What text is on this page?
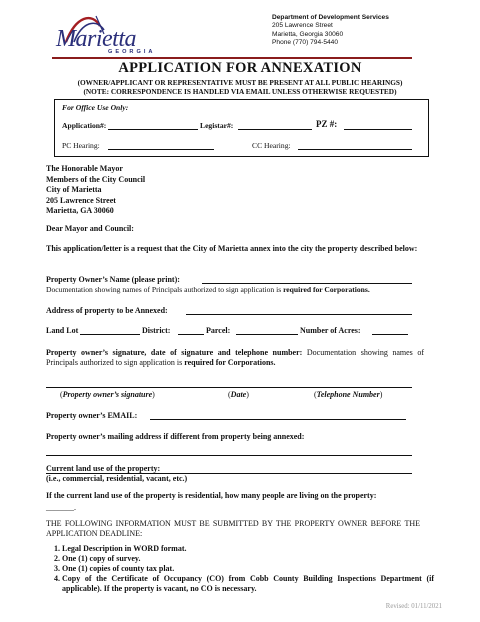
Marietta
GEORGIA
Department of Development Services
205 Lawrence Street
Marietta, Georgia 30060
Phone (770) 794-5440
APPLICATION FOR ANNEXATION
(OWNER/APPLICANT OR REPRESENTATIVE MUST BE PRESENT AT ALL PUBLIC HEARINGS)
(NOTE: CORRESPONDENCE IS HANDLED VIA EMAIL UNLESS OTHERWISE REQUESTED)
For Office Use Only:
Application#:	Legistar#:	PZ #:
PC Hearing:	CC Hearing:
The Honorable Mayor
Members of the City Council
City of Marietta
205 Lawrence Street
Marietta, GA 30060
Dear Mayor and Council:
This application/letter is a request that the City of Marietta annex into the city the property described below:
Property Owner’s Name (please print):
Documentation showing names of Principals authorized to sign application is required for Corporations.
Address of property to be Annexed:
Land Lot	District:	Parcel:	Number of Acres:
Property owner’s signature, date of signature and telephone number: Documentation showing names of Principals authorized to sign application is required for Corporations.
(Property owner’s signature)	(Date)	(Telephone Number)
Property owner’s EMAIL:
Property owner’s mailing address if different from property being annexed:
Current land use of the property:
(i.e., commercial, residential, vacant, etc.)
If the current land use of the property is residential, how many people are living on the property:
_______.
THE FOLLOWING INFORMATION MUST BE SUBMITTED BY THE PROPERTY OWNER BEFORE THE APPLICATION DEADLINE:
1. Legal Description in WORD format.
2. One (1) copy of survey.
3. One (1) copies of county tax plat.
4. Copy of the Certificate of Occupancy (CO) from Cobb County Building Inspections Department (if applicable). If the property is vacant, no CO is necessary.
Revised: 01/11/2021
